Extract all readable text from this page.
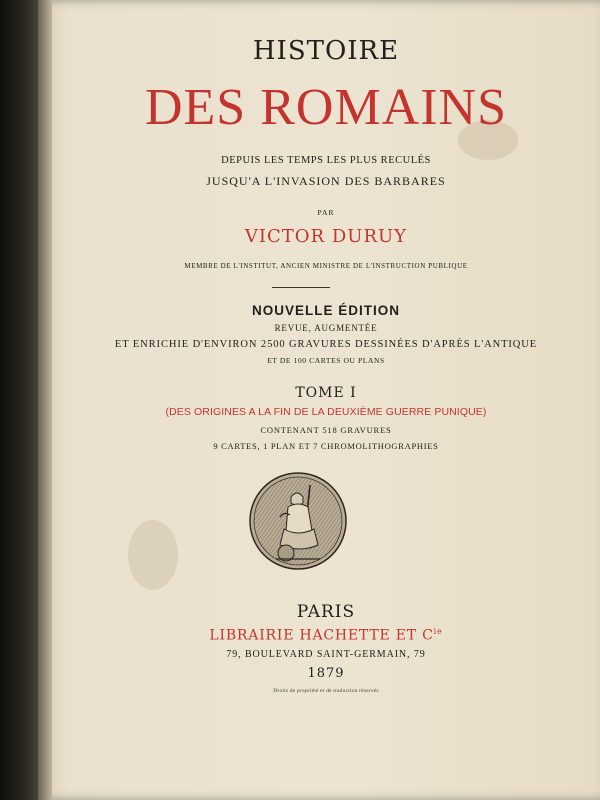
HISTOIRE
DES ROMAINS
DEPUIS LES TEMPS LES PLUS RECULÉS
JUSQU'A L'INVASION DES BARBARES
PAR
VICTOR DURUY
MEMBRE DE L'INSTITUT, ANCIEN MINISTRE DE L'INSTRUCTION PUBLIQUE
NOUVELLE ÉDITION
REVUE, AUGMENTÉE
ET ENRICHIE D'ENVIRON 2500 GRAVURES DESSINÉES D'APRÈS L'ANTIQUE
ET DE 100 CARTES OU PLANS
TOME I
(DES ORIGINES A LA FIN DE LA DEUXIÈME GUERRE PUNIQUE)
CONTENANT 518 GRAVURES
9 CARTES, 1 PLAN ET 7 CHROMOLITHOGRAPHIES
PARIS
LIBRAIRIE HACHETTE ET $C^{ie}$
79, BOULEVARD SAINT-GERMAIN, 79
1879
Droits de propriété et de traduction réservés
